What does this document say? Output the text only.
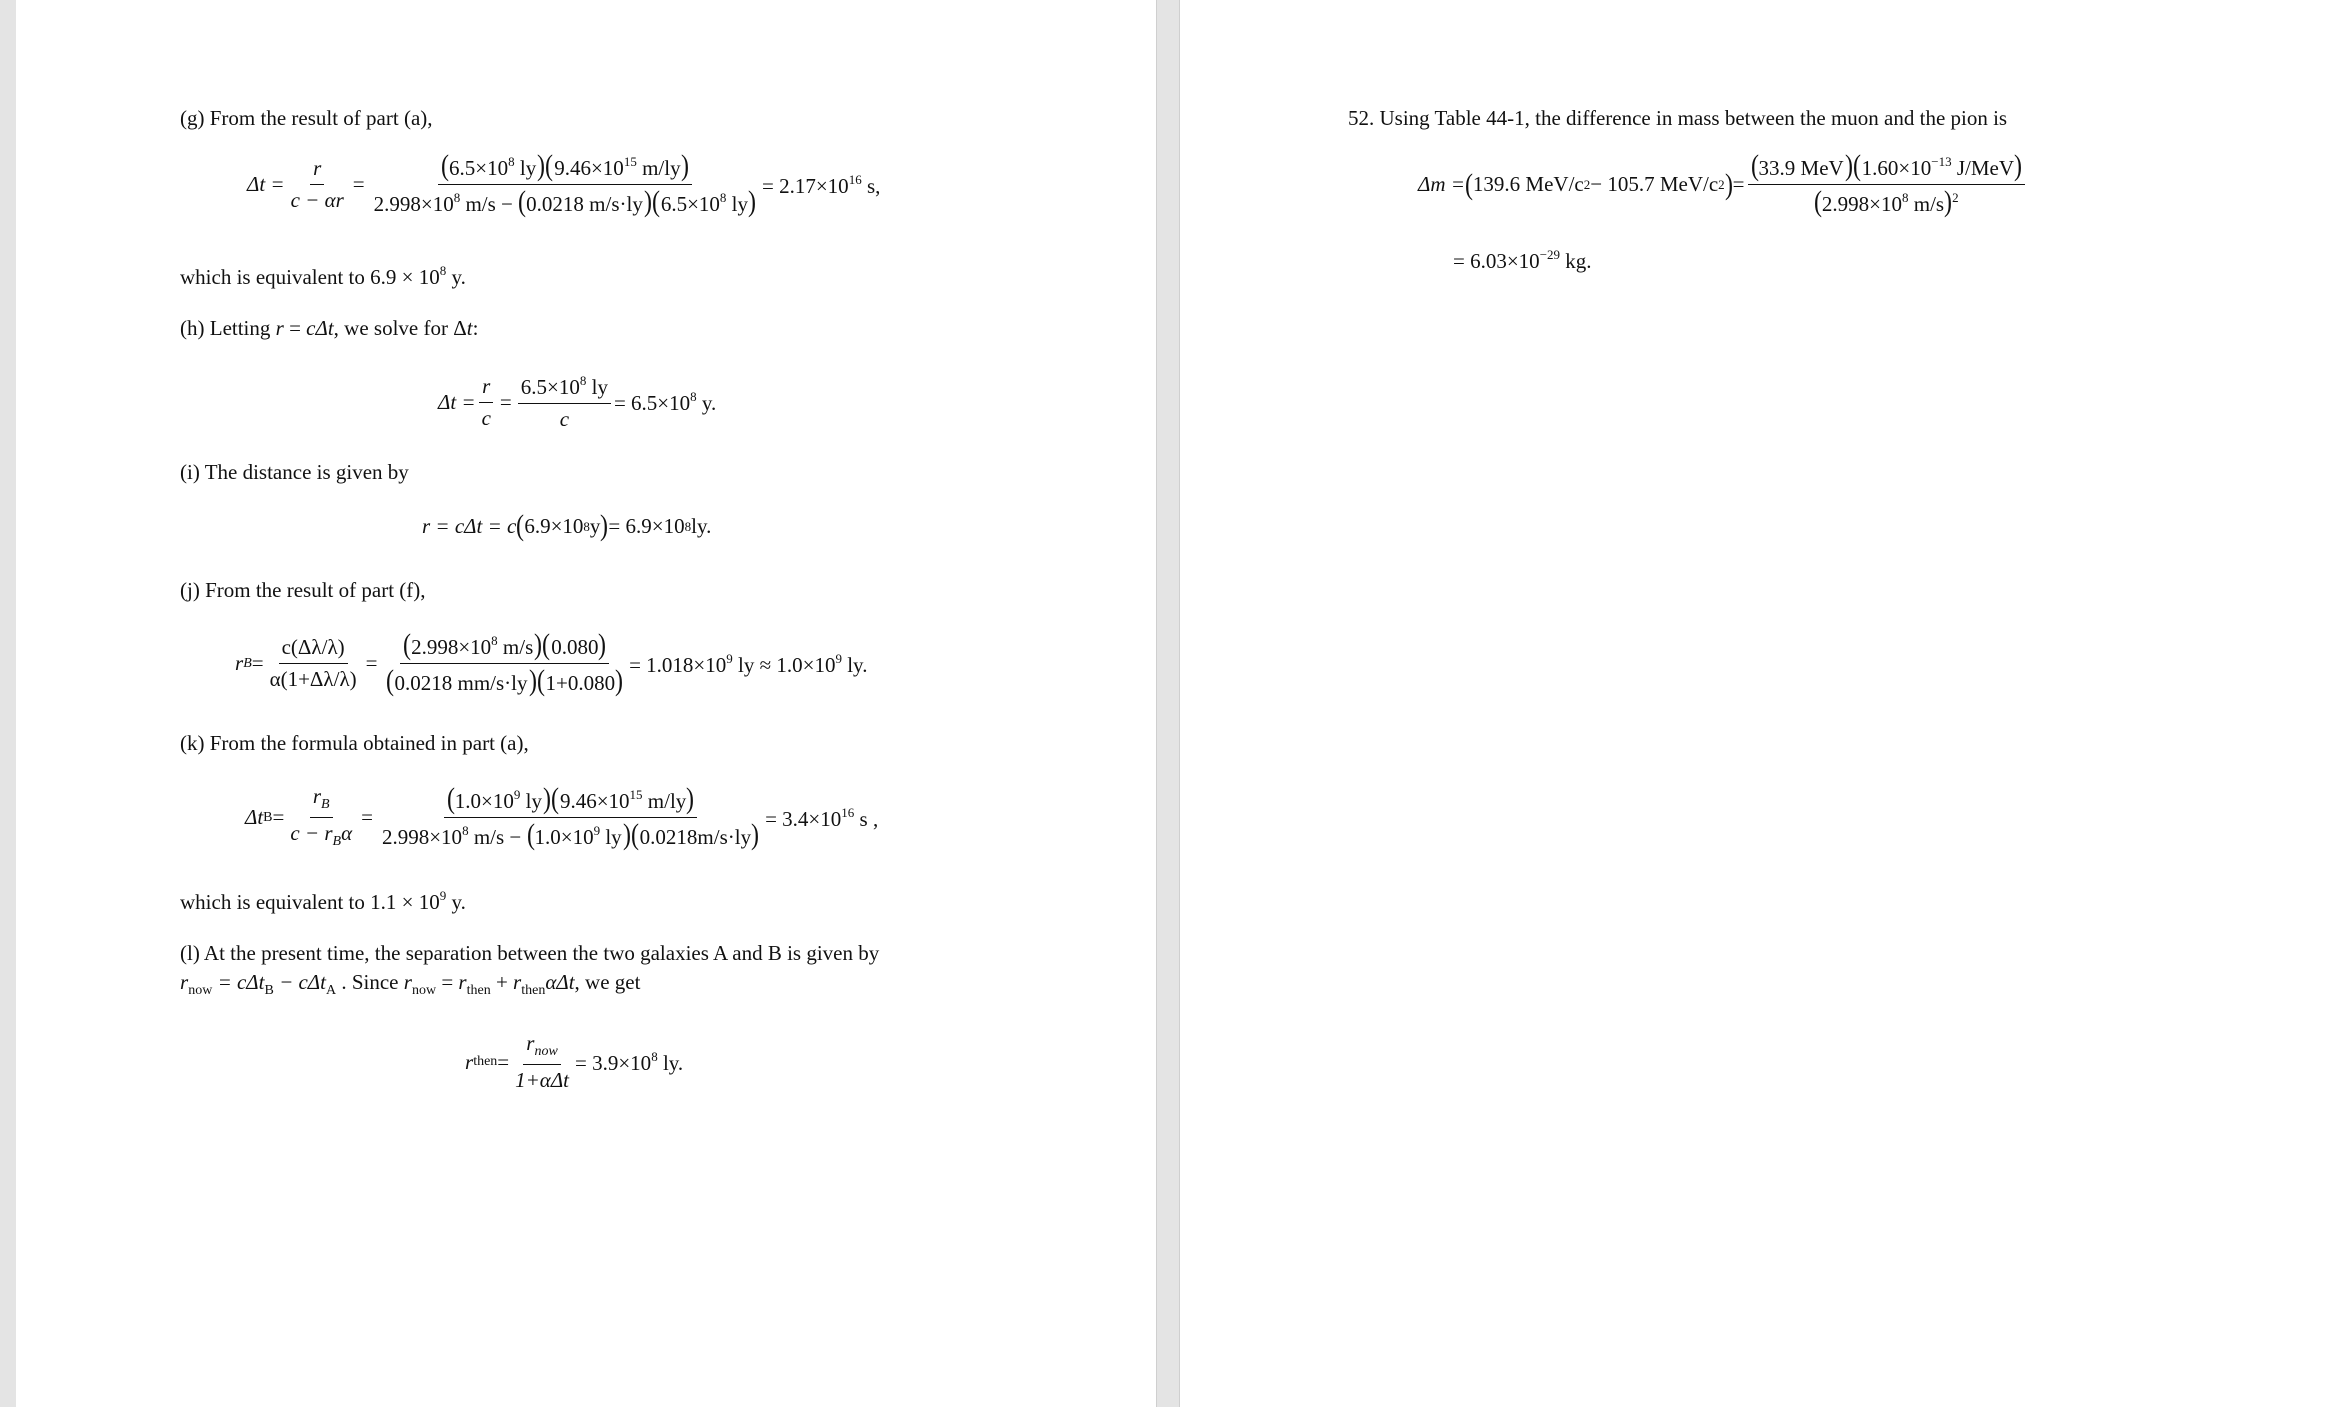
(g) From the result of part (a),
$\Delta t = \frac{r}{c - \alpha r} = \frac{(6.5\times 10^8 ly)(9.46\times 10^{15} m/ly)}{2.998\times 10^8 m/s - (0.0218 m/s\cdot ly)(6.5\times 10^8 ly)} = 2.17\times 10^{16}$ s,
which is equivalent to $6.9 \times 10^8$ y.
(h) Letting r = cΔt, we solve for Δt:
$\Delta t = \frac{r}{c} = \frac{6.5\times 10^8 ly}{c} = 6.5\times 10^8$ y.
(i) The distance is given by
r = cΔt = c ( 6.9×10 8 y ) = 6.9×10 8 ly.
(j) From the result of part (f),
r $B = \frac{c(\Delta\lambda/\lambda)}{\alpha(1+\Delta\lambda/\lambda)} = \frac{(2.998\times 10^8 m/s)(0.080)}{(0.0218 mm/s\cdot ly)(1+0.080)} = 1.018\times 10^9$ ly ≈ $1.0\times 10^9$ ly.
(k) From the formula obtained in part (a),
Δt $B = \frac{r_B}{c - r_B\alpha} = \frac{(1.0\times 10^9 ly)(9.46\times 10^{15} m/ly)}{2.998\times 10^8 m/s - (1.0\times 10^9 ly)(0.0218m/s\cdot ly)} = 3.4\times 10^{16}$ s ,
which is equivalent to $1.1 \times 10^9$ y.
(l) At the present time, the separation between the two galaxies A and B is given by
$r_{now} = c\Delta t_B - c\Delta t_A$ . Since $r_{now} = r_{then} + r_{then}\alpha\Delta t$, we get
r then = $\frac{r_{now}}{\text{1+αΔt}} = 3.9\times 10^8$ ly.
52. Using Table 44-1, the difference in mass between the muon and the pion is
Δm = ( 139.6 MeV/c 2 − 105.7 MeV/c 2 ) = $\frac{(33.9 MeV)(1.60\times 10^{-13} J/MeV)}{(2.998\times 10^8 m/s)^2}$
= $6.03\times 10^{-29}$ kg.
